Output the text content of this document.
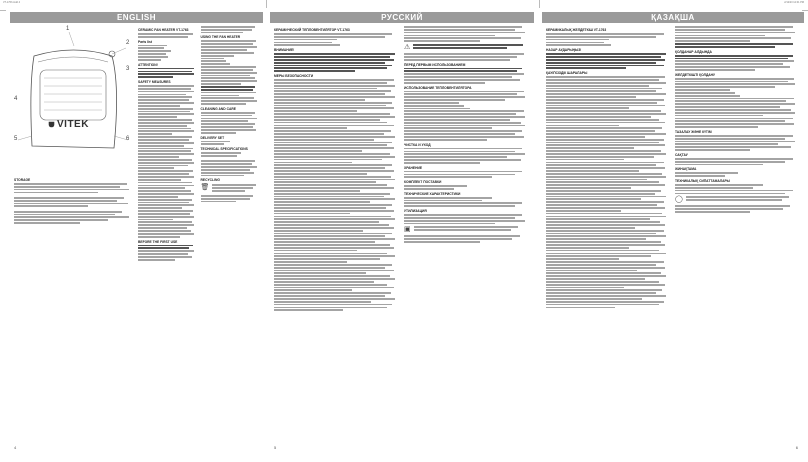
VT-1763.indd 4	2/12/20 12:01 PM
ENGLISH
1
2
3
4
5	6
VITEK
STORAGE
CERAMIC FAN HEATER VT-1763
Parts list
ATTENTION!
SAFETY MEASURES
BEFORE THE FIRST USE
USING THE FAN HEATER
CLEANING AND CARE
DELIVERY SET
TECHNICAL SPECIFICATIONS
RECYCLING
🗑
4
РУССКИЙ
КЕРАМИЧЕСКИЙ ТЕПЛОВЕНТИЛЯТОР VT-1763
ВНИМАНИЕ!
МЕРЫ БЕЗОПАСНОСТИ
⚠
ПЕРЕД ПЕРВЫМ ИСПОЛЬЗОВАНИЕМ
ИСПОЛЬЗОВАНИЕ ТЕПЛОВЕНТИЛЯТОРА
ЧИСТКА И УХОД
ХРАНЕНИЕ
КОМПЛЕКТ ПОСТАВКИ
ТЕХНИЧЕСКИЕ ХАРАКТЕРИСТИКИ
УТИЛИЗАЦИЯ
▣
5
ҚАЗАҚША
КЕРАМИКАЛЫҚ ЖЕЛДЕТКІШ VT-1763
НАЗАР АУДАРЫҢЫЗ!
ҚАУІПСІЗДІК ШАРАЛАРЫ
ҚОЛДАНАР АЛДЫНДА
ЖЕЛДЕТКІШТІ ҚОЛДАНУ
ТАЗАЛАУ ЖӘНЕ КҮТІМ
САҚТАУ
ЖИНАҚТАМА
ТЕХНИКАЛЫҚ СИПАТТАМАЛАРЫ
◯
6
